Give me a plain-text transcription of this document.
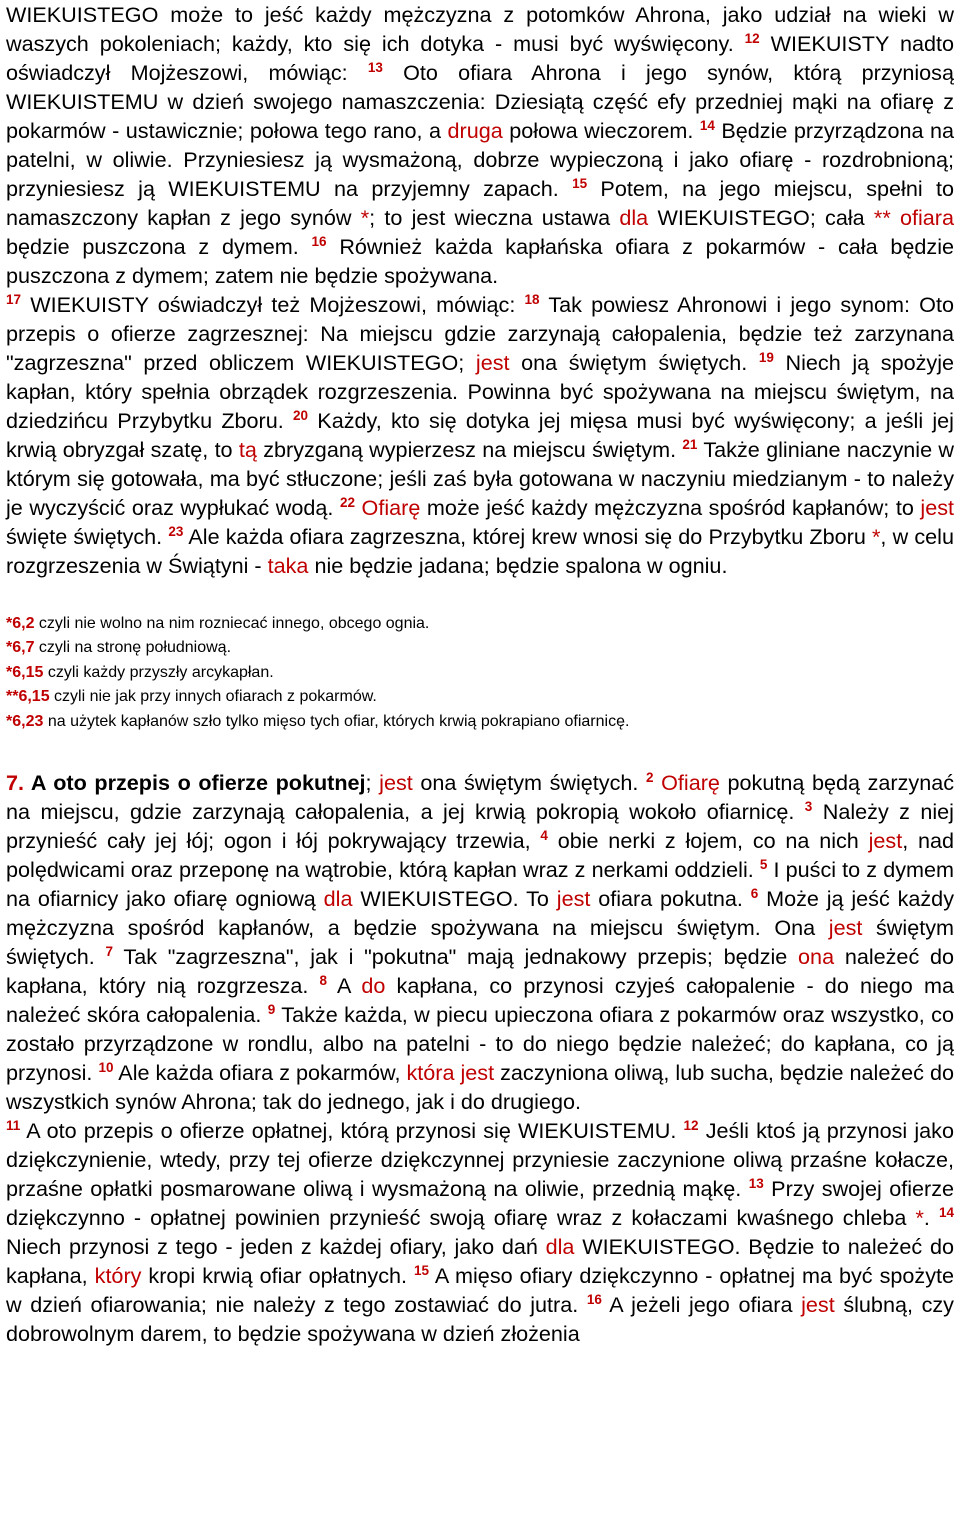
WIEKUISTEGO może to jeść każdy mężczyzna z potomków Ahrona, jako udział na wieki w waszych pokoleniach; każdy, kto się ich dotyka - musi być wyświęcony. $^{12}$ WIEKUISTY nadto oświadczył Mojżeszowi, mówiąc: $^{13}$ Oto ofiara Ahrona i jego synów, którą przyniosą WIEKUISTEMU w dzień swojego namaszczenia: Dziesiątą część efy przedniej mąki na ofiarę z pokarmów - ustawicznie; połowa tego rano, a druga połowa wieczorem. $^{14}$ Będzie przyrządzona na patelni, w oliwie. Przyniesiesz ją wysmażoną, dobrze wypieczoną i jako ofiarę - rozdrobnioną; przyniesiesz ją WIEKUISTEMU na przyjemny zapach. $^{15}$ Potem, na jego miejscu, spełni to namaszczony kapłan z jego synów *; to jest wieczna ustawa dla WIEKUISTEGO; cała ** ofiara będzie puszczona z dymem. $^{16}$ Również każda kapłańska ofiara z pokarmów - cała będzie puszczona z dymem; zatem nie będzie spożywana.

$^{17}$ WIEKUISTY oświadczył też Mojżeszowi, mówiąc: $^{18}$ Tak powiesz Ahronowi i jego synom: Oto przepis o ofierze zagrzesznej: Na miejscu gdzie zarzynają całopalenia, będzie też zarzynana "zagrzeszna" przed obliczem WIEKUISTEGO; jest ona świętym świętych. $^{19}$ Niech ją spożyje kapłan, który spełnia obrządek rozgrzeszenia. Powinna być spożywana na miejscu świętym, na dziedzińcu Przybytku Zboru. $^{20}$ Każdy, kto się dotyka jej mięsa musi być wyświęcony; a jeśli jej krwią obryzgał szatę, to tą zbryzganą wypierzesz na miejscu świętym. $^{21}$ Także gliniane naczynie w którym się gotowała, ma być stłuczone; jeśli zaś była gotowana w naczyniu miedzianym - to należy je wyczyścić oraz wypłukać wodą. $^{22}$ Ofiarę może jeść każdy mężczyzna spośród kapłanów; to jest święte świętych. $^{23}$ Ale każda ofiara zagrzeszna, której krew wnosi się do Przybytku Zboru *, w celu rozgrzeszenia w Świątyni - taka nie będzie jadana; będzie spalona w ogniu.

*6,2 czyli nie wolno na nim rozniecać innego, obcego ognia.

*6,7 czyli na stronę południową.

*6,15 czyli każdy przyszły arcykapłan.

**6,15 czyli nie jak przy innych ofiarach z pokarmów.

*6,23 na użytek kapłanów szło tylko mięso tych ofiar, których krwią pokrapiano ofiarnicę.

7. A oto przepis o ofierze pokutnej; jest ona świętym świętych. $^2$ Ofiarę pokutną będą zarzynać na miejscu, gdzie zarzynają całopalenia, a jej krwią pokropią wokoło ofiarnicę. $^3$ Należy z niej przynieść cały jej łój; ogon i łój pokrywający trzewia, $^4$ obie nerki z łojem, co na nich jest, nad polędwicami oraz przeponę na wątrobie, którą kapłan wraz z nerkami oddzieli. $^5$ I puści to z dymem na ofiarnicy jako ofiarę ogniową dla WIEKUISTEGO. To jest ofiara pokutna. $^6$ Może ją jeść każdy mężczyzna spośród kapłanów, a będzie spożywana na miejscu świętym. Ona jest świętym świętych. $^7$ Tak "zagrzeszna", jak i "pokutna" mają jednakowy przepis; będzie ona należeć do kapłana, który nią rozgrzesza. $^8$ A do kapłana, co przynosi czyjeś całopalenie - do niego ma należeć skóra całopalenia. $^9$ Także każda, w piecu upieczona ofiara z pokarmów oraz wszystko, co zostało przyrządzone w rondlu, albo na patelni - to do niego będzie należeć; do kapłana, co ją przynosi. $^{10}$ Ale każda ofiara z pokarmów, która jest zaczyniona oliwą, lub sucha, będzie należeć do wszystkich synów Ahrona; tak do jednego, jak i do drugiego.

$^{11}$ A oto przepis o ofierze opłatnej, którą przynosi się WIEKUISTEMU. $^{12}$ Jeśli ktoś ją przynosi jako dziękczynienie, wtedy, przy tej ofierze dziękczynnej przyniesie zaczynione oliwą przaśne kołacze, przaśne opłatki posmarowane oliwą i wysmażoną na oliwie, przednią mąkę. $^{13}$ Przy swojej ofierze dziękczynno - opłatnej powinien przynieść swoją ofiarę wraz z kołaczami kwaśnego chleba *. $^{14}$ Niech przynosi z tego - jeden z każdej ofiary, jako dań dla WIEKUISTEGO. Będzie to należeć do kapłana, który kropi krwią ofiar opłatnych. $^{15}$ A mięso ofiary dziękczynno - opłatnej ma być spożyte w dzień ofiarowania; nie należy z tego zostawiać do jutra. $^{16}$ A jeżeli jego ofiara jest ślubną, czy dobrowolnym darem, to będzie spożywana w dzień złożenia
